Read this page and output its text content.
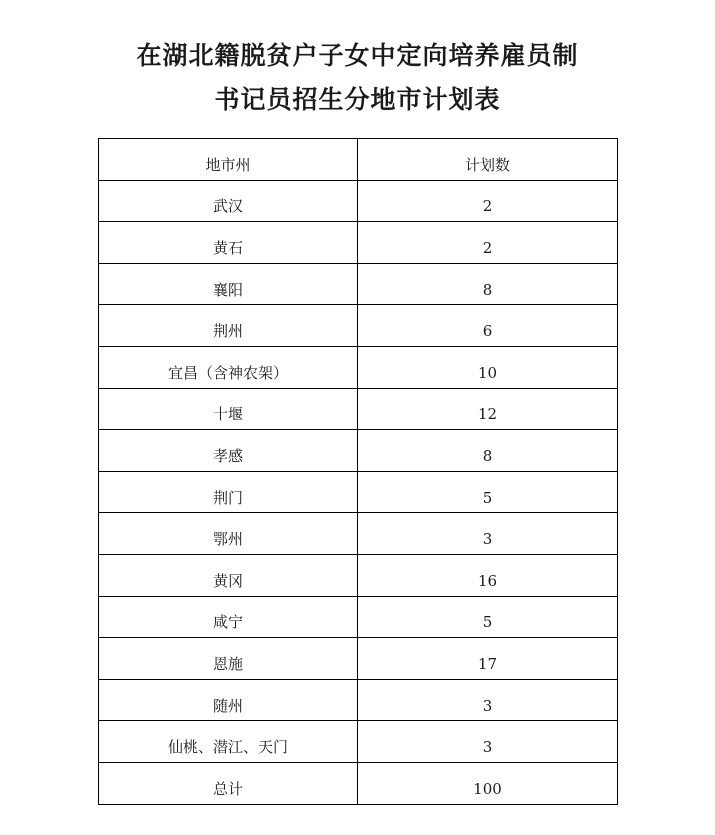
在湖北籍脱贫户子女中定向培养雇员制
书记员招生分地市计划表
地市州	计划数
武汉	2
黄石	2
襄阳	8
荆州	6
宜昌（含神农架）	10
十堰	12
孝感	8
荆门	5
鄂州	3
黄冈	16
咸宁	5
恩施	17
随州	3
仙桃、潜江、天门	3
总计	100
